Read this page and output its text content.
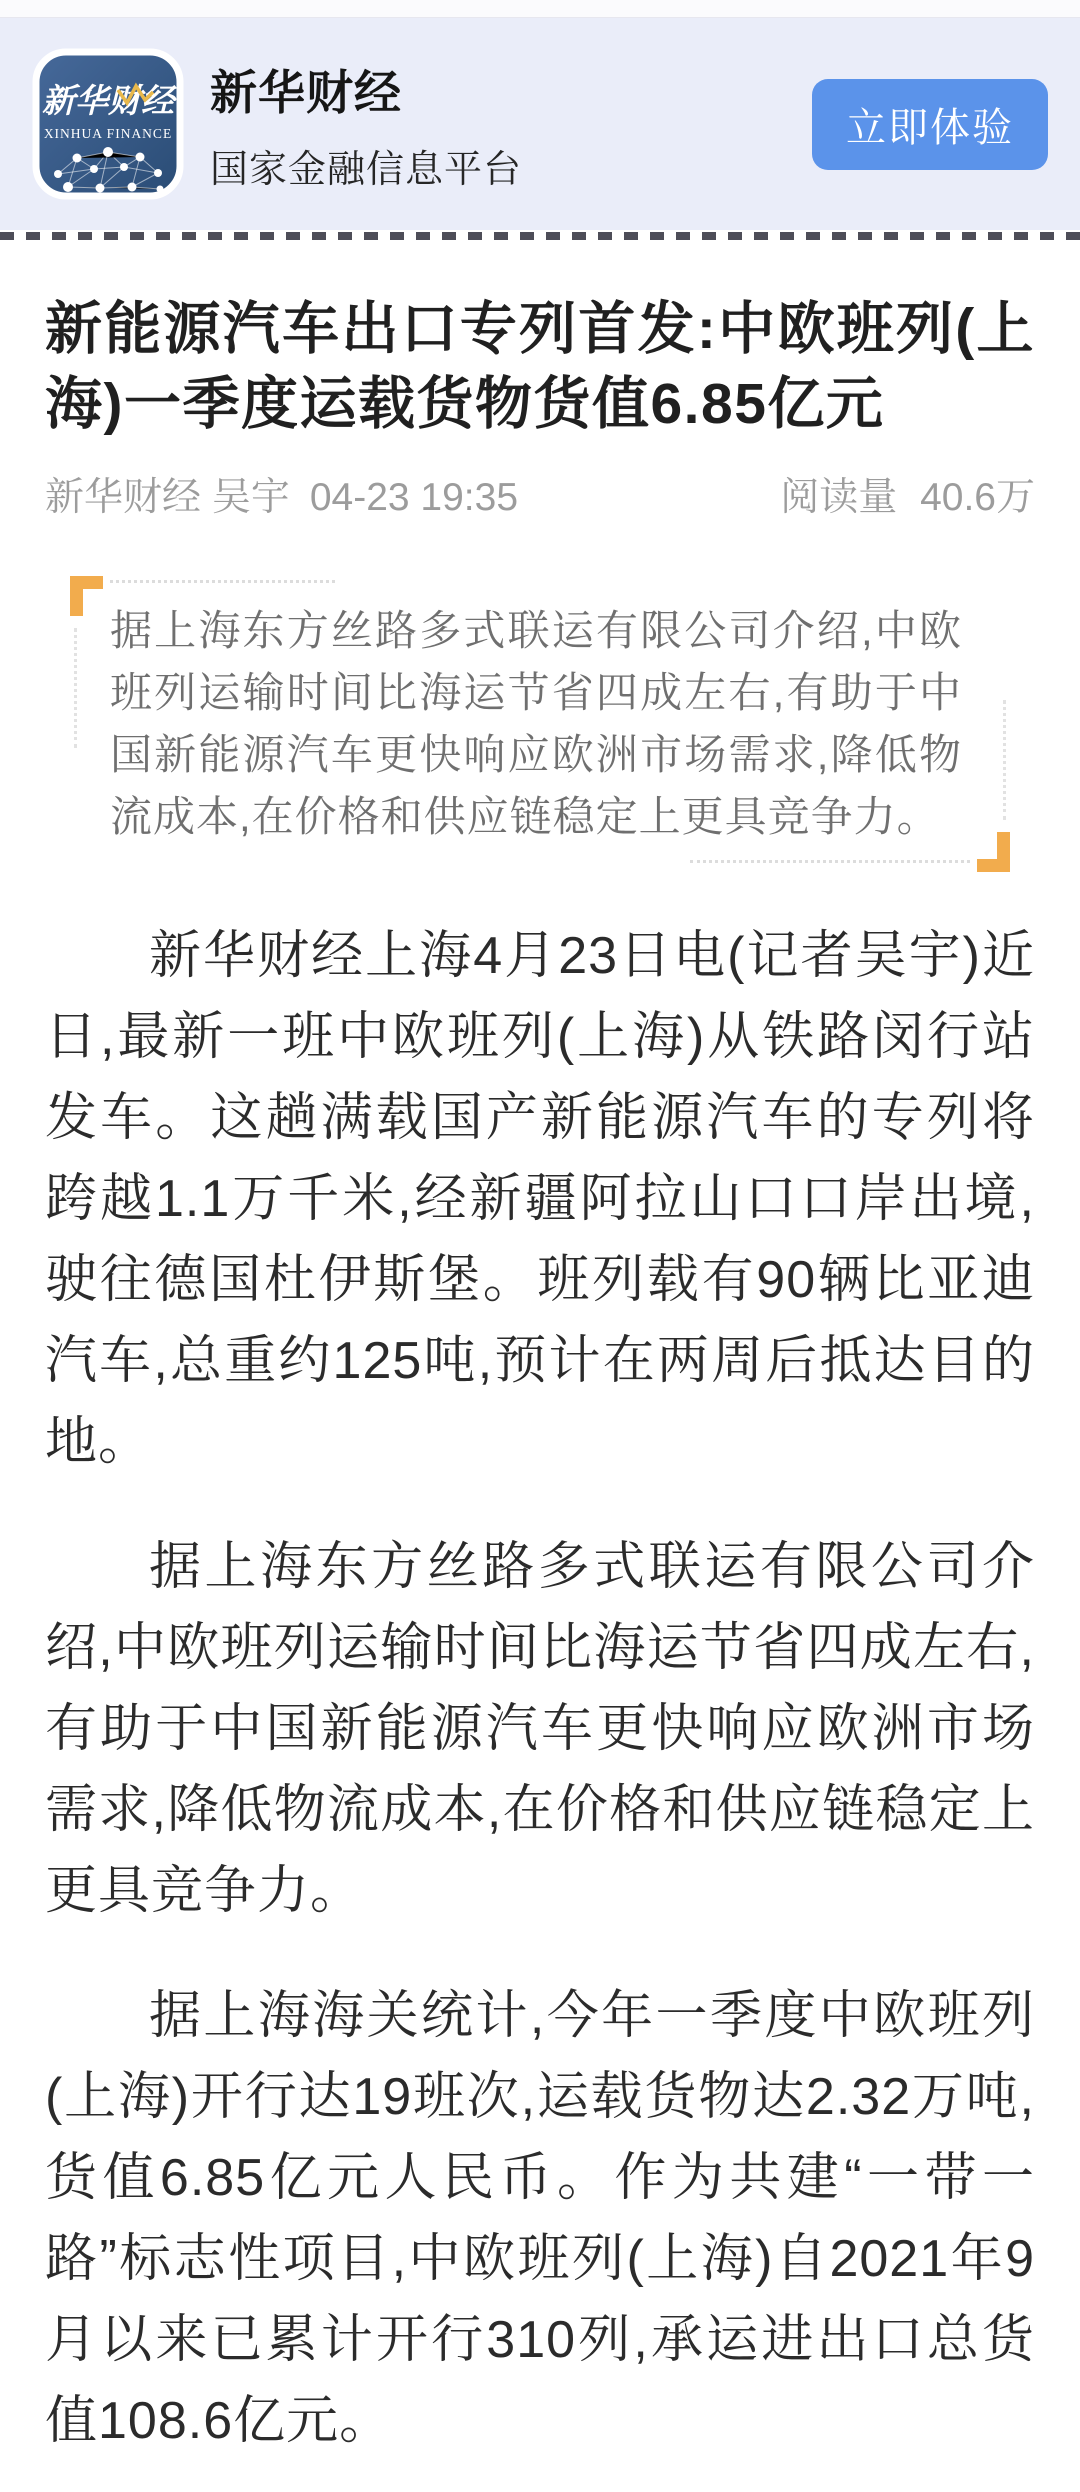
新华财经
XINHUA FINANCE
新华财经
国家金融信息平台
立即体验
新能源汽车出口专列首发:中欧班列(上海)一季度运载货物货值6.85亿元
新华财经 吴宇 04-23 19:35	阅读量 40.6万

据上海东方丝路多式联运有限公司介绍,中欧班列运输时间比海运节省四成左右,有助于中国新能源汽车更快响应欧洲市场需求,降低物流成本,在价格和供应链稳定上更具竞争力。

新华财经上海4月23日电(记者吴宇)近日,最新一班中欧班列(上海)从铁路闵行站发车。这趟满载国产新能源汽车的专列将跨越1.1万千米,经新疆阿拉山口口岸出境,驶往德国杜伊斯堡。班列载有90辆比亚迪汽车,总重约125吨,预计在两周后抵达目的地。

据上海东方丝路多式联运有限公司介绍,中欧班列运输时间比海运节省四成左右,有助于中国新能源汽车更快响应欧洲市场需求,降低物流成本,在价格和供应链稳定上更具竞争力。

据上海海关统计,今年一季度中欧班列(上海)开行达19班次,运载货物达2.32万吨,货值6.85亿元人民币。作为共建“一带一路”标志性项目,中欧班列(上海)自2021年9月以来已累计开行310列,承运进出口总货值108.6亿元。
